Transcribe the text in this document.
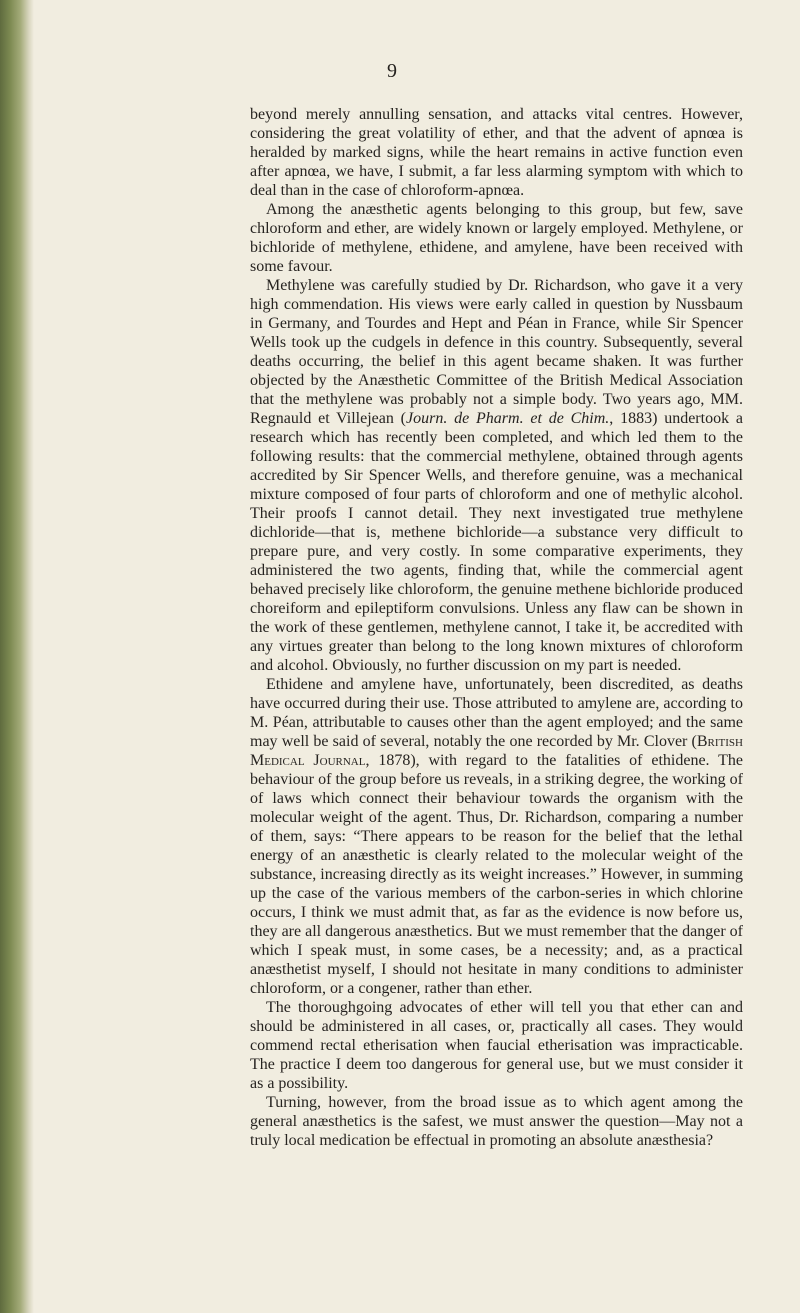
9

beyond merely annulling sensation, and attacks vital centres. However, considering the great volatility of ether, and that the advent of apnœa is heralded by marked signs, while the heart remains in active function even after apnœa, we have, I submit, a far less alarming symptom with which to deal than in the case of chloroform-apnœa.

Among the anæsthetic agents belonging to this group, but few, save chloroform and ether, are widely known or largely employed. Methylene, or bichloride of methylene, ethidene, and amylene, have been received with some favour.

Methylene was carefully studied by Dr. Richardson, who gave it a very high commendation. His views were early called in question by Nussbaum in Germany, and Tourdes and Hept and Péan in France, while Sir Spencer Wells took up the cudgels in defence in this country. Subsequently, several deaths occurring, the belief in this agent became shaken. It was further objected by the Anæsthetic Committee of the British Medical Association that the methylene was probably not a simple body. Two years ago, MM. Regnauld et Villejean (Journ. de Pharm. et de Chim., 1883) undertook a research which has recently been completed, and which led them to the following results: that the commercial methylene, obtained through agents accredited by Sir Spencer Wells, and therefore genuine, was a mechanical mixture composed of four parts of chloroform and one of methylic alcohol. Their proofs I cannot detail. They next investigated true methylene dichloride—that is, methene bichloride—a substance very difficult to prepare pure, and very costly. In some comparative experiments, they administered the two agents, finding that, while the commercial agent behaved precisely like chloroform, the genuine methene bichloride produced choreiform and epileptiform convulsions. Unless any flaw can be shown in the work of these gentlemen, methylene cannot, I take it, be accredited with any virtues greater than belong to the long known mixtures of chloroform and alcohol. Obviously, no further discussion on my part is needed.

Ethidene and amylene have, unfortunately, been discredited, as deaths have occurred during their use. Those attributed to amylene are, according to M. Péan, attributable to causes other than the agent employed; and the same may well be said of several, notably the one recorded by Mr. Clover (British Medical Journal, 1878), with regard to the fatalities of ethidene. The behaviour of the group before us reveals, in a striking degree, the working of of laws which connect their behaviour towards the organism with the molecular weight of the agent. Thus, Dr. Richardson, comparing a number of them, says: “There appears to be reason for the belief that the lethal energy of an anæsthetic is clearly related to the molecular weight of the substance, increasing directly as its weight increases.” However, in summing up the case of the various members of the carbon-series in which chlorine occurs, I think we must admit that, as far as the evidence is now before us, they are all dangerous anæsthetics. But we must remember that the danger of which I speak must, in some cases, be a necessity; and, as a practical anæsthetist myself, I should not hesitate in many conditions to administer chloroform, or a congener, rather than ether.

The thoroughgoing advocates of ether will tell you that ether can and should be administered in all cases, or, practically all cases. They would commend rectal etherisation when faucial etherisation was impracticable. The practice I deem too dangerous for general use, but we must consider it as a possibility.

Turning, however, from the broad issue as to which agent among the general anæsthetics is the safest, we must answer the question—May not a truly local medication be effectual in promoting an absolute anæsthesia?
